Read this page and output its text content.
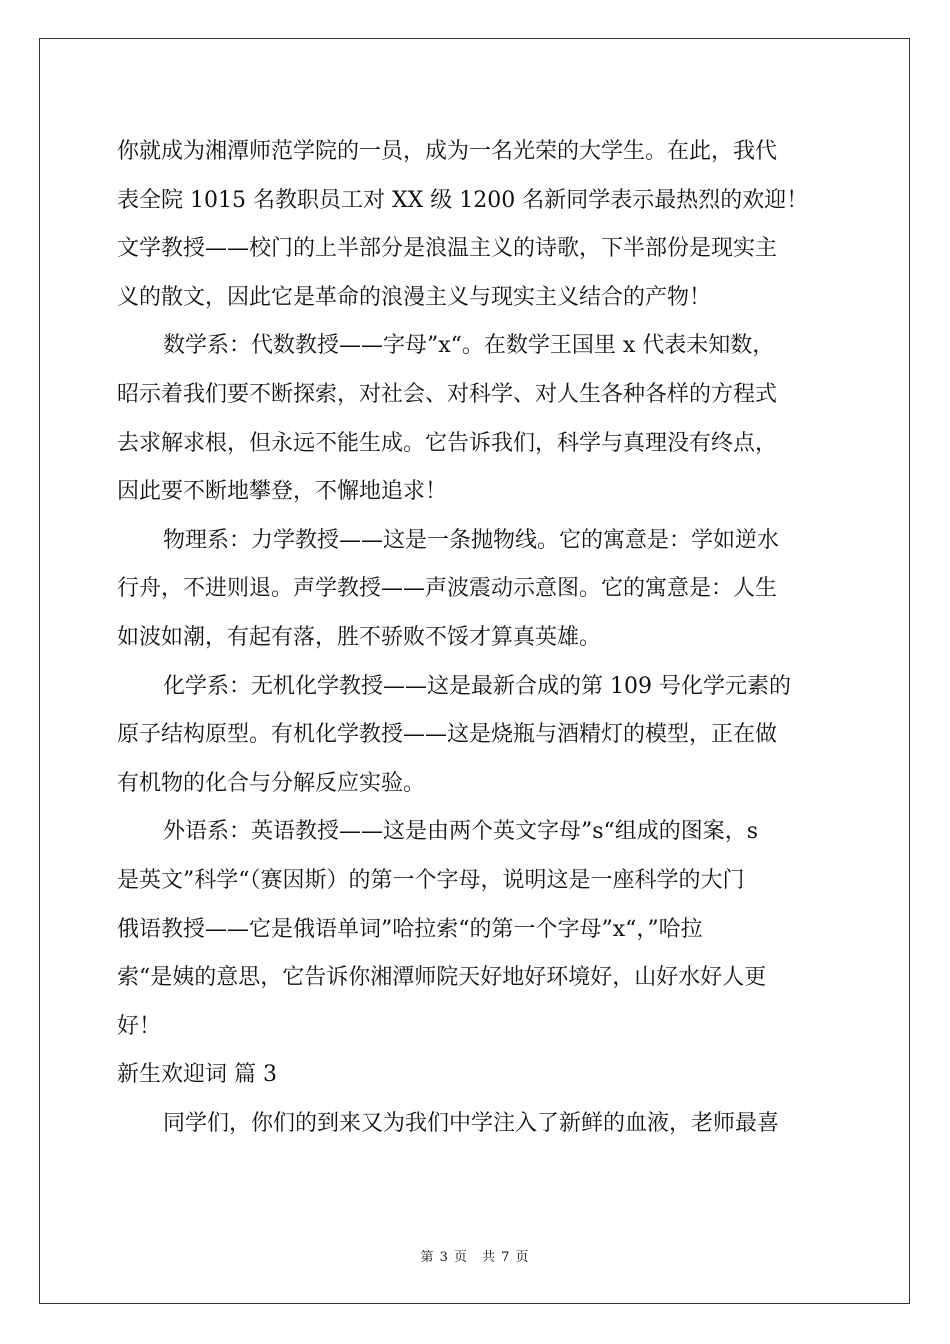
你就成为湘潭师范学院的一员，成为一名光荣的大学生。在此，我代
表全院 1015 名教职员工对 XX 级 1200 名新同学表示最热烈的欢迎！
文学教授——校门的上半部分是浪温主义的诗歌，下半部份是现实主
义的散文，因此它是革命的浪漫主义与现实主义结合的产物！
数学系：代数教授——字母”x“。在数学王国里 x 代表未知数，
昭示着我们要不断探索，对社会、对科学、对人生各种各样的方程式
去求解求根，但永远不能生成。它告诉我们，科学与真理没有终点，
因此要不断地攀登，不懈地追求！
物理系：力学教授——这是一条抛物线。它的寓意是：学如逆水
行舟，不进则退。声学教授——声波震动示意图。它的寓意是：人生
如波如潮，有起有落，胜不骄败不馁才算真英雄。
化学系：无机化学教授——这是最新合成的第 109 号化学元素的
原子结构原型。有机化学教授——这是烧瓶与酒精灯的模型，正在做
有机物的化合与分解反应实验。
外语系：英语教授——这是由两个英文字母”s“组成的图案，s
是英文”科学“（赛因斯）的第一个字母，说明这是一座科学的大门
俄语教授——它是俄语单词”哈拉索“的第一个字母”x“，”哈拉
索“是姨的意思，它告诉你湘潭师院天好地好环境好，山好水好人更
好！
新生欢迎词 篇 3
同学们，你们的到来又为我们中学注入了新鲜的血液，老师最喜
第 3 页　共 7 页
